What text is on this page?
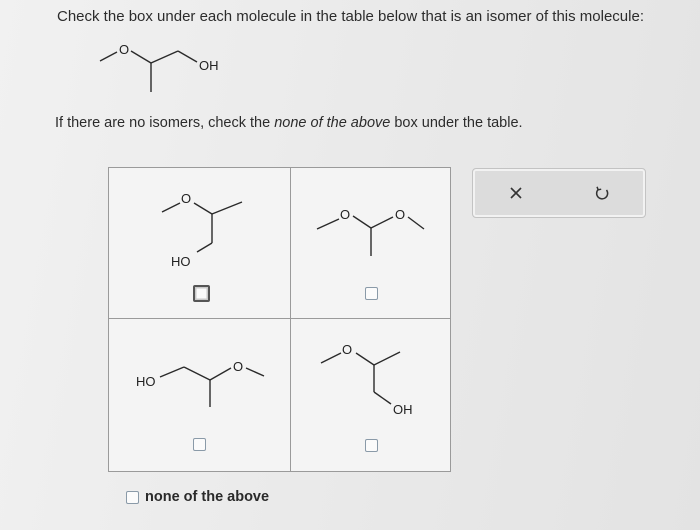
Check the box under each molecule in the table below that is an isomer of this molecule:
O
OH
If there are no isomers, check the none of the above box under the table.
O
HO
O	O
HO
O
O
OH
none of the above
